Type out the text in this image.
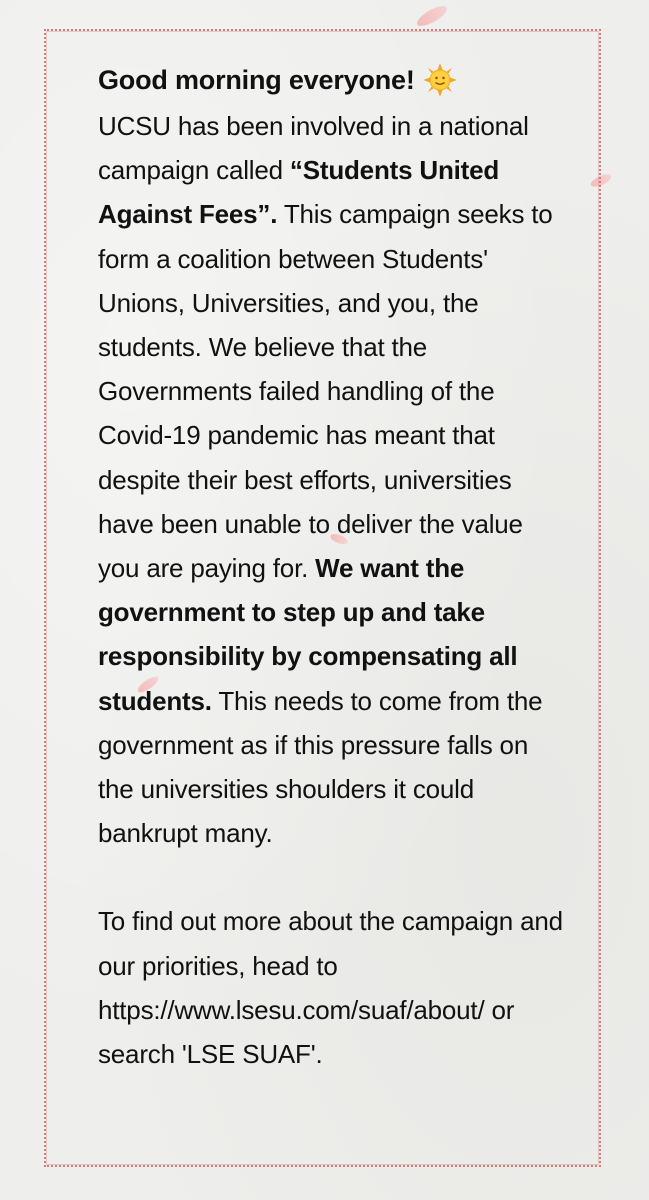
Good morning everyone!

UCSU has been involved in a national campaign called “Students United Against Fees”. This campaign seeks to form a coalition between Students' Unions, Universities, and you, the students. We believe that the Governments failed handling of the Covid-19 pandemic has meant that despite their best efforts, universities have been unable to deliver the value you are paying for. We want the government to step up and take responsibility by compensating all students. This needs to come from the government as if this pressure falls on the universities shoulders it could bankrupt many.

To find out more about the campaign and our priorities, head to https://www.lsesu.com/suaf/about/ or search 'LSE SUAF'.
